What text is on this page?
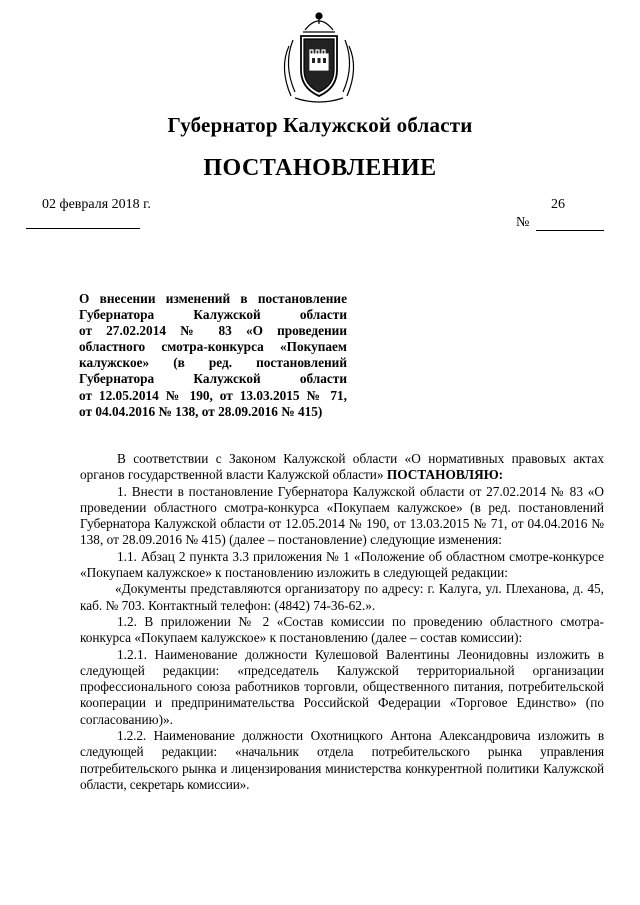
Губернатор Калужской области
ПОСТАНОВЛЕНИЕ
02 февраля 2018 г.	26
№
О внесении изменений в постановление
Губернатора Калужской области
от 27.02.2014 № 83 «О проведении
областного смотра-конкурса «Покупаем
калужское» (в ред. постановлений
Губернатора Калужской области
от 12.05.2014 № 190, от 13.03.2015 № 71,
от 04.04.2016 № 138, от 28.09.2016 № 415)

В соответствии с Законом Калужской области «О нормативных правовых актах органов государственной власти Калужской области» ПОСТАНОВЛЯЮ:

1. Внести в постановление Губернатора Калужской области от 27.02.2014 № 83 «О проведении областного смотра-конкурса «Покупаем калужское» (в ред. постановлений Губернатора Калужской области от 12.05.2014 № 190, от 13.03.2015 № 71, от 04.04.2016 № 138, от 28.09.2016 № 415) (далее – постановление) следующие изменения:

1.1. Абзац 2 пункта 3.3 приложения № 1 «Положение об областном смотре-конкурсе «Покупаем калужское» к постановлению изложить в следующей редакции:

«Документы представляются организатору по адресу: г. Калуга, ул. Плеханова, д. 45, каб. № 703. Контактный телефон: (4842) 74-36-62.».

1.2. В приложении № 2 «Состав комиссии по проведению областного смотра-конкурса «Покупаем калужское» к постановлению (далее – состав комиссии):

1.2.1. Наименование должности Кулешовой Валентины Леонидовны изложить в следующей редакции: «председатель Калужской территориальной организации профессионального союза работников торговли, общественного питания, потребительской кооперации и предпринимательства Российской Федерации «Торговое Единство» (по согласованию)».

1.2.2. Наименование должности Охотницкого Антона Александровича изложить в следующей редакции: «начальник отдела потребительского рынка управления потребительского рынка и лицензирования министерства конкурентной политики Калужской области, секретарь комиссии».
